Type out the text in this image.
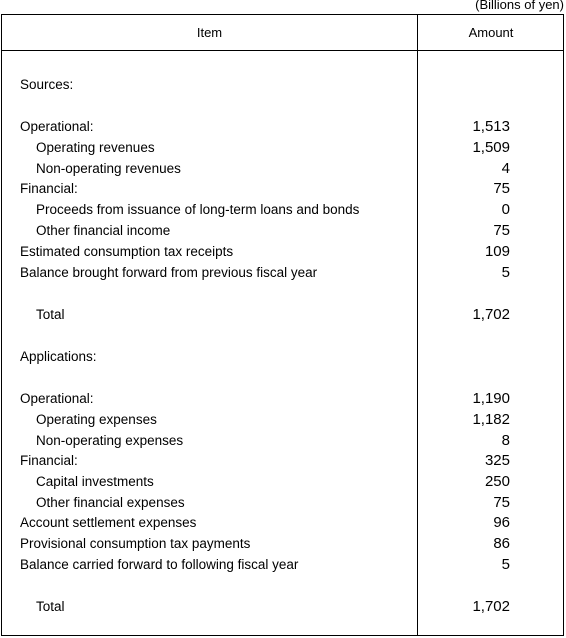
(Billions of yen)
Item	Amount
Sources:
Operational:	1,513
Operating revenues	1,509
Non-operating revenues	4
Financial:	75
Proceeds from issuance of long-term loans and bonds	0
Other financial income	75
Estimated consumption tax receipts	109
Balance brought forward from previous fiscal year	5
Total	1,702
Applications:
Operational:	1,190
Operating expenses	1,182
Non-operating expenses	8
Financial:	325
Capital investments	250
Other financial expenses	75
Account settlement expenses	96
Provisional consumption tax payments	86
Balance carried forward to following fiscal year	5
Total	1,702
